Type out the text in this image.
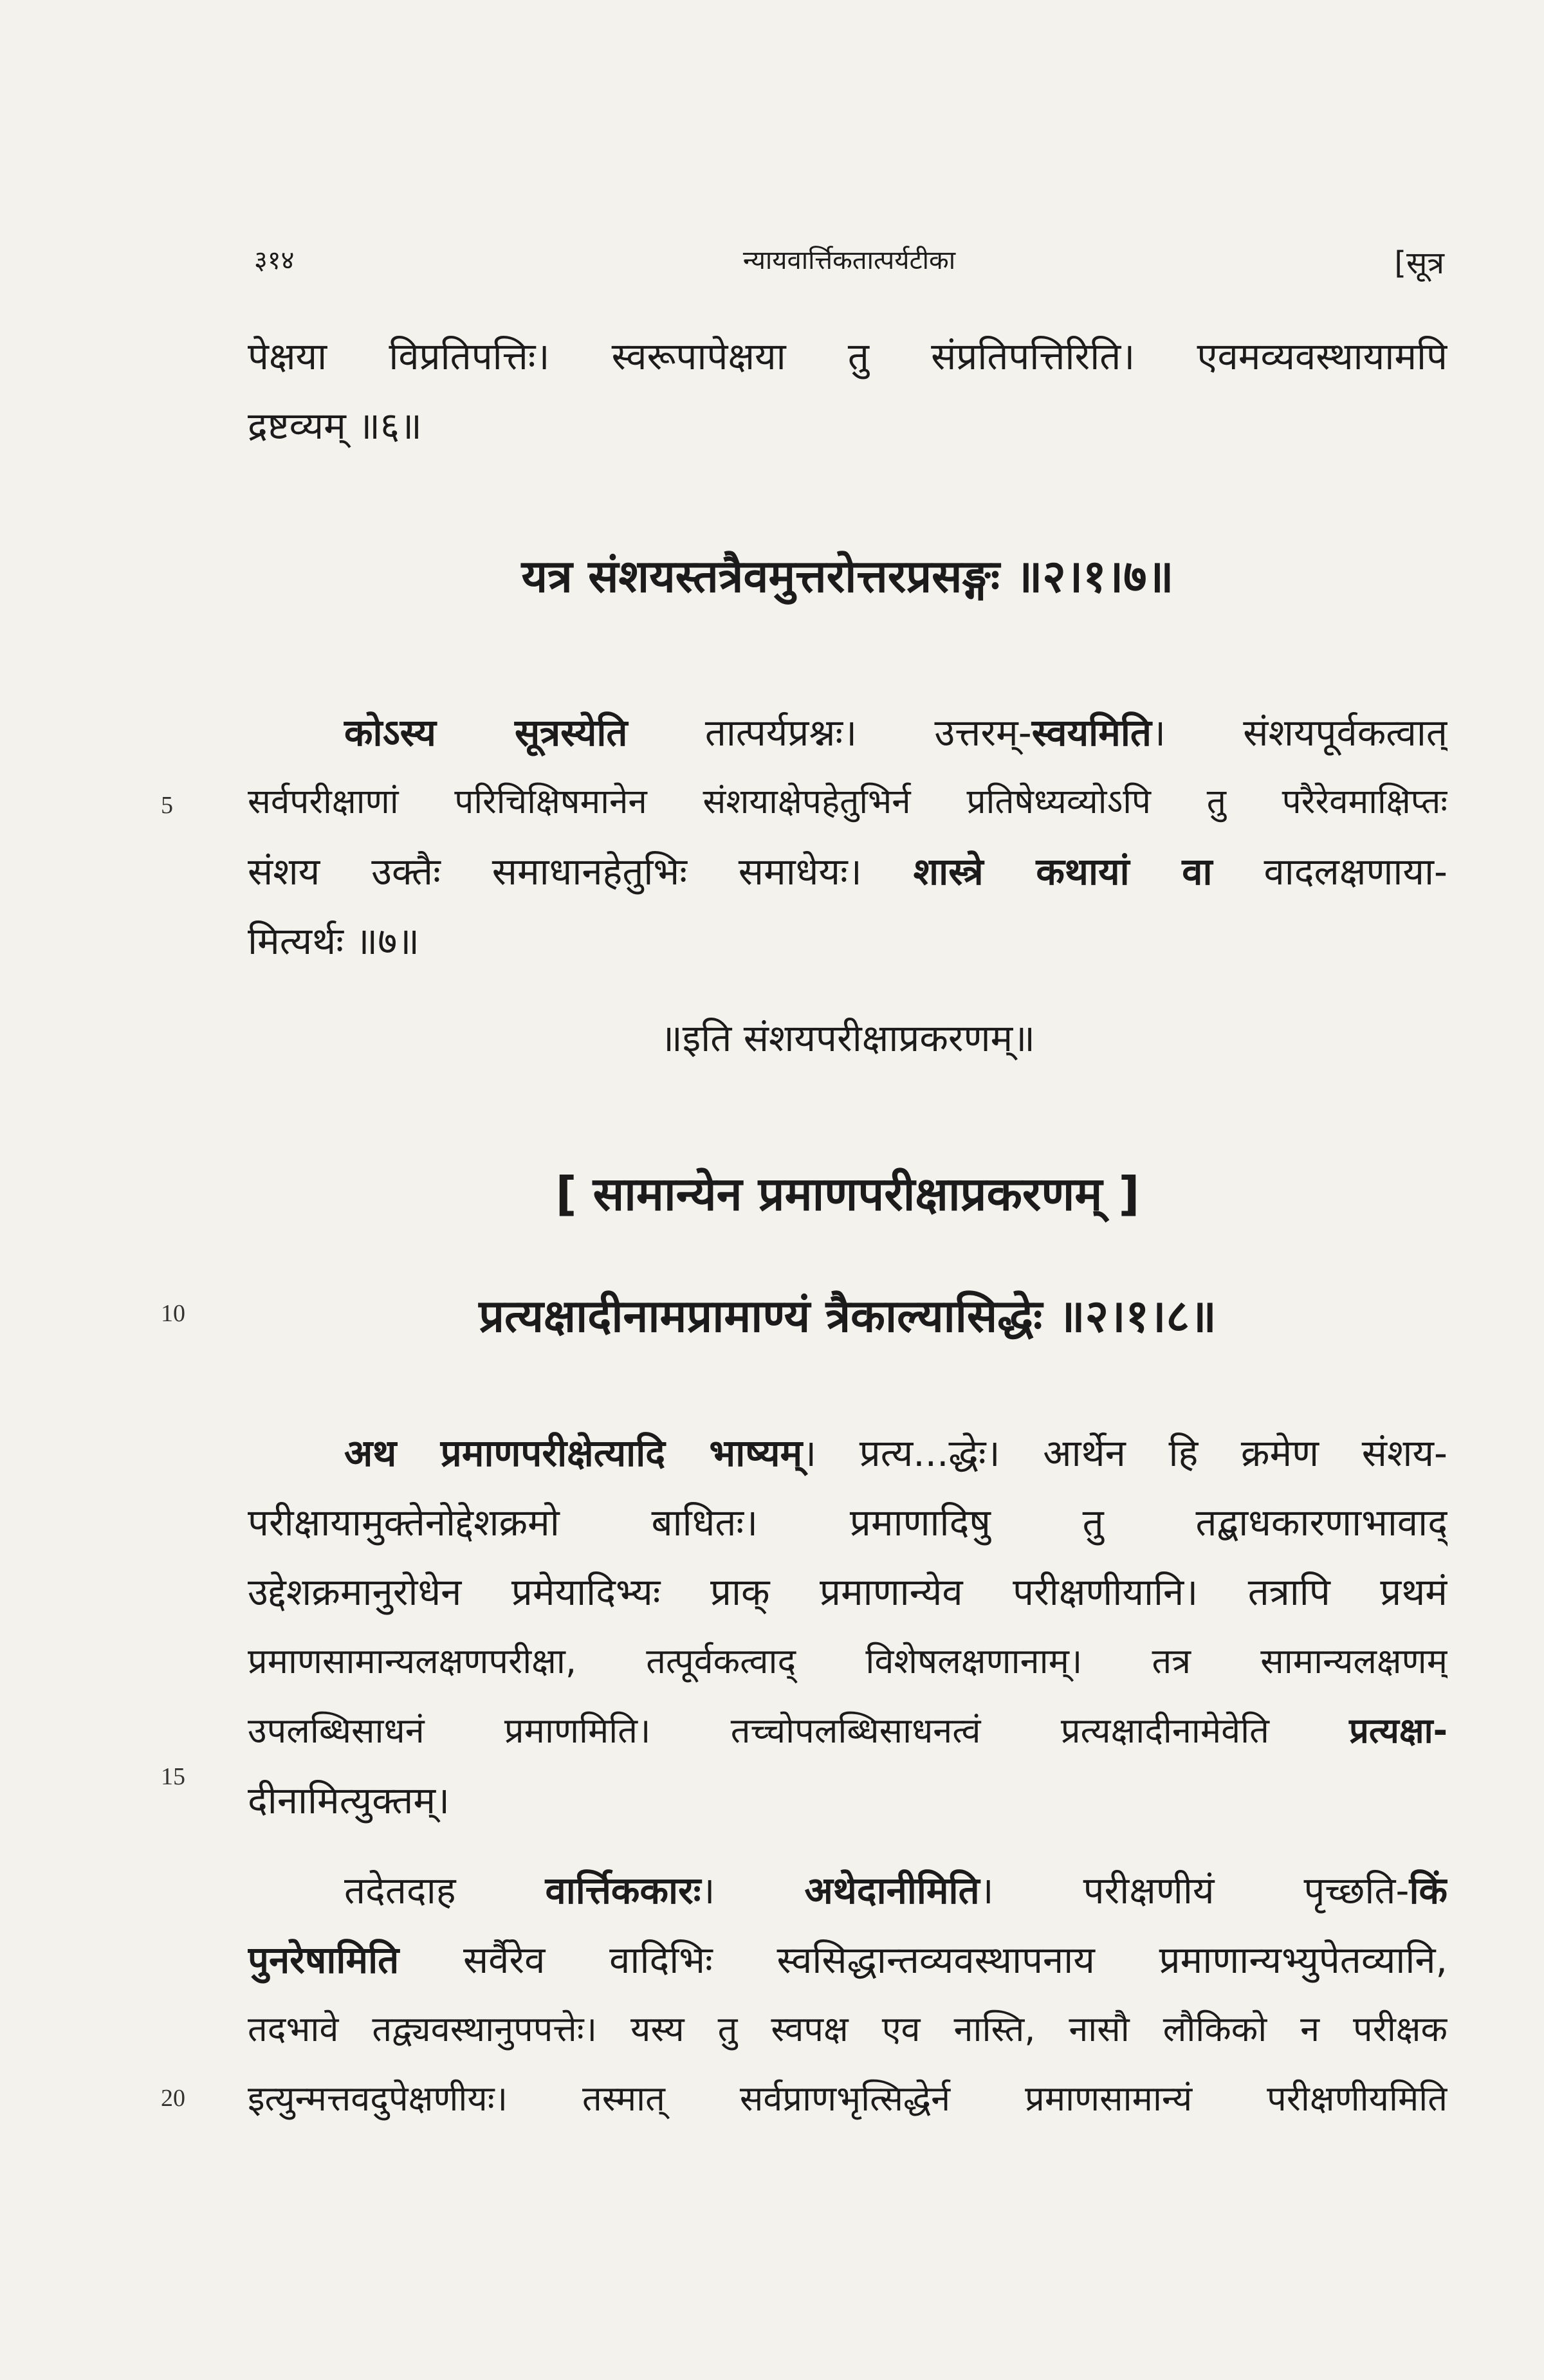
३१४	न्यायवार्त्तिकतात्पर्यटीका	[सूत्र
पेक्षया विप्रतिपत्तिः। स्वरूपापेक्षया तु संप्रतिपत्तिरिति। एवमव्यवस्थायामपि
द्रष्टव्यम् ॥६॥
यत्र संशयस्तत्रैवमुत्तरोत्तरप्रसङ्गः ॥२।१।७॥
कोऽस्य सूत्रस्येति तात्पर्यप्रश्नः। उत्तरम्-स्वयमिति। संशयपूर्वकत्वात्
सर्वपरीक्षाणां परिचिक्षिषमानेन संशयाक्षेपहेतुभिर्न प्रतिषेध्यव्योऽपि तु परैरेवमाक्षिप्तः
संशय उक्तैः समाधानहेतुभिः समाधेयः। शास्त्रे कथायां वा वादलक्षणाया-
मित्यर्थः ॥७॥
5
॥इति संशयपरीक्षाप्रकरणम्॥
[ सामान्येन प्रमाणपरीक्षाप्रकरणम् ]
प्रत्यक्षादीनामप्रामाण्यं त्रैकाल्यासिद्धेः ॥२।१।८॥
10
अथ प्रमाणपरीक्षेत्यादि भाष्यम्। प्रत्य...द्धेः। आर्थेन हि क्रमेण संशय-
परीक्षायामुक्तेनोद्देशक्रमो बाधितः। प्रमाणादिषु तु तद्बाधकारणाभावाद्
उद्देशक्रमानुरोधेन प्रमेयादिभ्यः प्राक् प्रमाणान्येव परीक्षणीयानि। तत्रापि प्रथमं
प्रमाणसामान्यलक्षणपरीक्षा, तत्पूर्वकत्वाद् विशेषलक्षणानाम्। तत्र सामान्यलक्षणम्
उपलब्धिसाधनं प्रमाणमिति। तच्चोपलब्धिसाधनत्वं प्रत्यक्षादीनामेवेति प्रत्यक्षा-
दीनामित्युक्तम्।
15
तदेतदाह वार्त्तिककारः। अथेदानीमिति। परीक्षणीयं पृच्छति-किं
पुनरेषामिति सर्वैरेव वादिभिः स्वसिद्धान्तव्यवस्थापनाय प्रमाणान्यभ्युपेतव्यानि,
तदभावे तद्व्यवस्थानुपपत्तेः। यस्य तु स्वपक्ष एव नास्ति, नासौ लौकिको न परीक्षक
इत्युन्मत्तवदुपेक्षणीयः। तस्मात् सर्वप्राणभृत्सिद्धेर्न प्रमाणसामान्यं परीक्षणीयमिति
20
